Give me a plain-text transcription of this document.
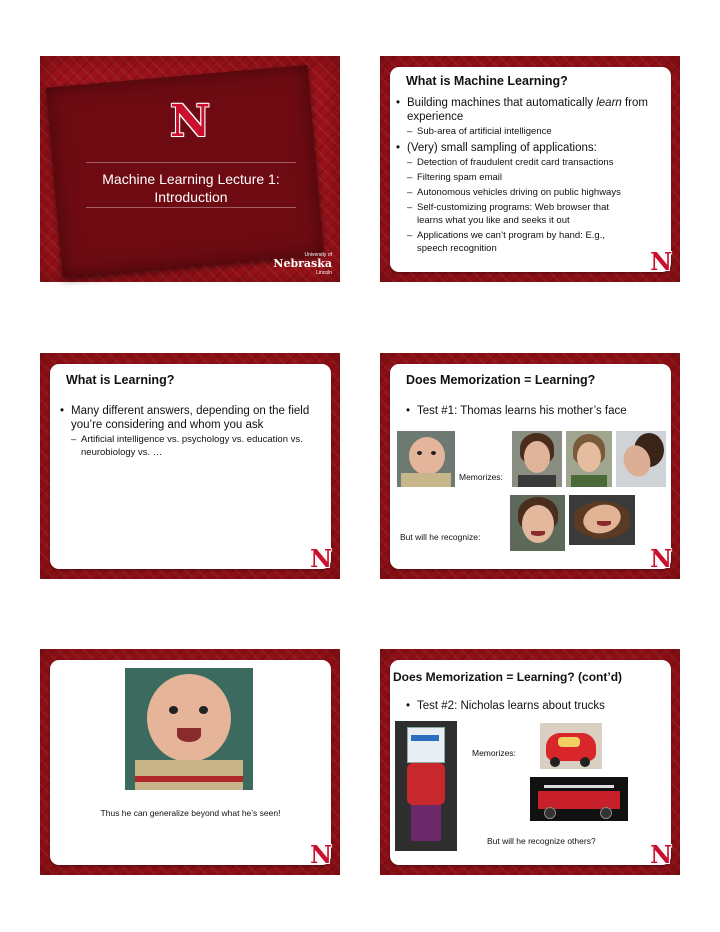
N
Machine Learning Lecture 1:
Introduction
University of
Nebraska
Lincoln
What is Machine Learning?
• Building machines that automatically learn from experience
– Sub-area of artificial intelligence
• (Very) small sampling of applications:
– Detection of fraudulent credit card transactions
– Filtering spam email
– Autonomous vehicles driving on public highways
– Self-customizing programs: Web browser that learns what you like and seeks it out
– Applications we can’t program by hand: E.g., speech recognition	N
What is Learning?
• Many different answers, depending on the field you’re considering and whom you ask
– Artificial intelligence vs. psychology vs. education vs. neurobiology vs. …
N
Does Memorization = Learning?
• Test #1: Thomas learns his mother’s face
Memorizes:
But will he recognize:
N
Thus he can generalize beyond what he’s seen!
N
Does Memorization = Learning? (cont’d)
• Test #2: Nicholas learns about trucks
Memorizes:
But will he recognize others? N
